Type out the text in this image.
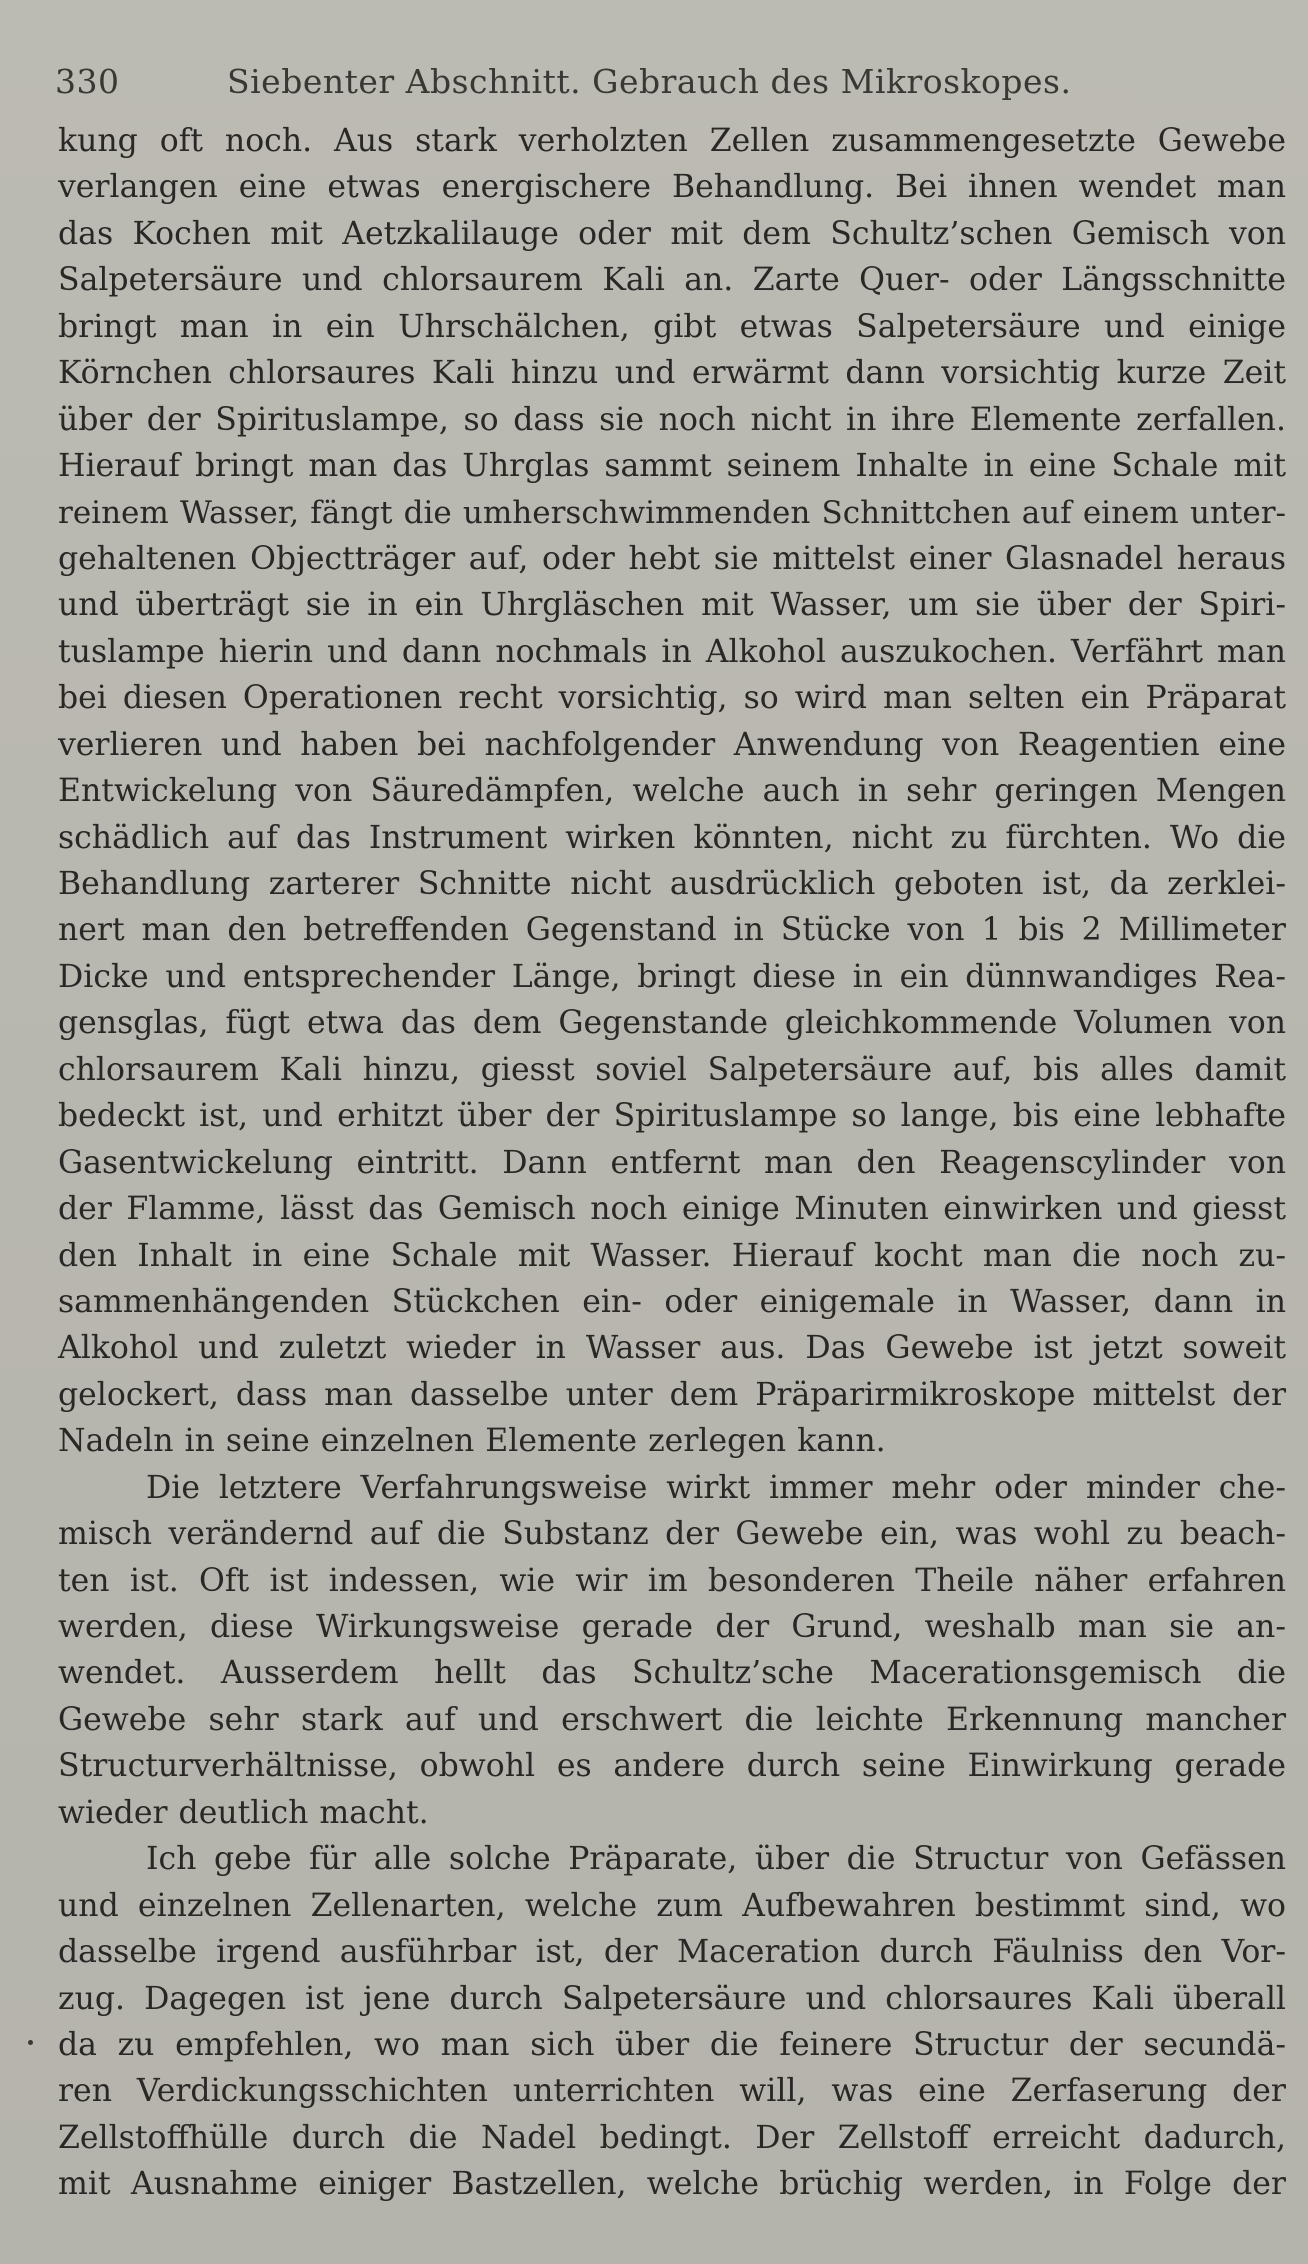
330	Siebenter Abschnitt. Gebrauch des Mikroskopes.
kung oft noch. Aus stark verholzten Zellen zusammengesetzte Gewebe
verlangen eine etwas energischere Behandlung. Bei ihnen wendet man
das Kochen mit Aetzkalilauge oder mit dem Schultz’schen Gemisch von
Salpetersäure und chlorsaurem Kali an. Zarte Quer- oder Längsschnitte
bringt man in ein Uhrschälchen, gibt etwas Salpetersäure und einige
Körnchen chlorsaures Kali hinzu und erwärmt dann vorsichtig kurze Zeit
über der Spirituslampe, so dass sie noch nicht in ihre Elemente zerfallen.
Hierauf bringt man das Uhrglas sammt seinem Inhalte in eine Schale mit
reinem Wasser, fängt die umherschwimmenden Schnittchen auf einem unter-
gehaltenen Objectträger auf, oder hebt sie mittelst einer Glasnadel heraus
und überträgt sie in ein Uhrgläschen mit Wasser, um sie über der Spiri-
tuslampe hierin und dann nochmals in Alkohol auszukochen. Verfährt man
bei diesen Operationen recht vorsichtig, so wird man selten ein Präparat
verlieren und haben bei nachfolgender Anwendung von Reagentien eine
Entwickelung von Säuredämpfen, welche auch in sehr geringen Mengen
schädlich auf das Instrument wirken könnten, nicht zu fürchten. Wo die
Behandlung zarterer Schnitte nicht ausdrücklich geboten ist, da zerklei-
nert man den betreffenden Gegenstand in Stücke von 1 bis 2 Millimeter
Dicke und entsprechender Länge, bringt diese in ein dünnwandiges Rea-
gensglas, fügt etwa das dem Gegenstande gleichkommende Volumen von
chlorsaurem Kali hinzu, giesst soviel Salpetersäure auf, bis alles damit
bedeckt ist, und erhitzt über der Spirituslampe so lange, bis eine lebhafte
Gasentwickelung eintritt. Dann entfernt man den Reagenscylinder von
der Flamme, lässt das Gemisch noch einige Minuten einwirken und giesst
den Inhalt in eine Schale mit Wasser. Hierauf kocht man die noch zu-
sammenhängenden Stückchen ein- oder einigemale in Wasser, dann in
Alkohol und zuletzt wieder in Wasser aus. Das Gewebe ist jetzt soweit
gelockert, dass man dasselbe unter dem Präparirmikroskope mittelst der
Nadeln in seine einzelnen Elemente zerlegen kann.
Die letztere Verfahrungsweise wirkt immer mehr oder minder che-
misch verändernd auf die Substanz der Gewebe ein, was wohl zu beach-
ten ist. Oft ist indessen, wie wir im besonderen Theile näher erfahren
werden, diese Wirkungsweise gerade der Grund, weshalb man sie an-
wendet. Ausserdem hellt das Schultz’sche Macerationsgemisch die
Gewebe sehr stark auf und erschwert die leichte Erkennung mancher
Structurverhältnisse, obwohl es andere durch seine Einwirkung gerade
wieder deutlich macht.
Ich gebe für alle solche Präparate, über die Structur von Gefässen
und einzelnen Zellenarten, welche zum Aufbewahren bestimmt sind, wo
dasselbe irgend ausführbar ist, der Maceration durch Fäulniss den Vor-
zug. Dagegen ist jene durch Salpetersäure und chlorsaures Kali überall
da zu empfehlen, wo man sich über die feinere Structur der secundä-
ren Verdickungsschichten unterrichten will, was eine Zerfaserung der
Zellstoffhülle durch die Nadel bedingt. Der Zellstoff erreicht dadurch,
mit Ausnahme einiger Bastzellen, welche brüchig werden, in Folge der
